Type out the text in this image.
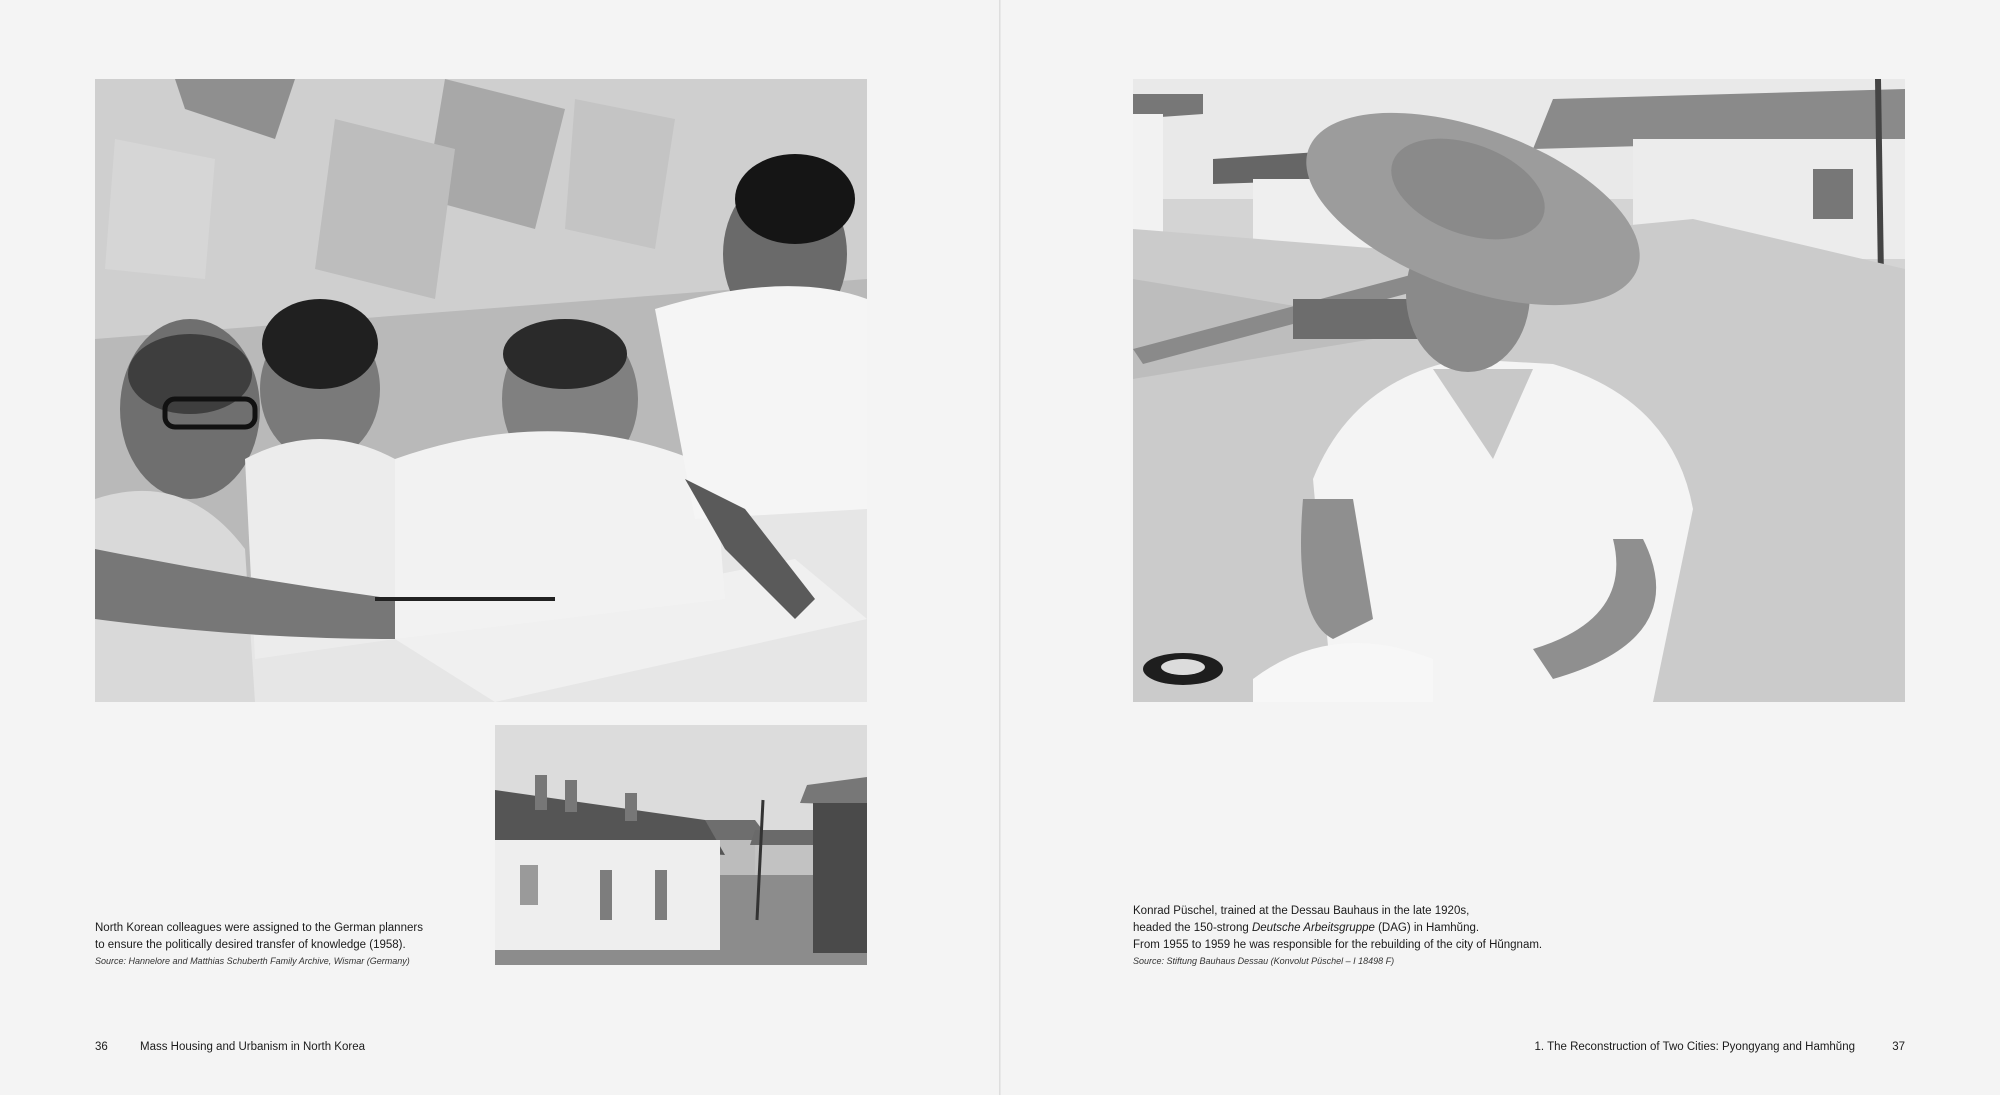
North Korean colleagues were assigned to the German planners
to ensure the politically desired transfer of knowledge (1958).
Source: Hannelore and Matthias Schuberth Family Archive, Wismar (Germany)
36	Mass Housing and Urbanism in North Korea
Konrad Püschel, trained at the Dessau Bauhaus in the late 1920s,
headed the 150-strong Deutsche Arbeitsgruppe (DAG) in Hamhŭng.
From 1955 to 1959 he was responsible for the rebuilding of the city of Hŭngnam.
Source: Stiftung Bauhaus Dessau (Konvolut Püschel – I 18498 F)
1. The Reconstruction of Two Cities: Pyongyang and Hamhŭng	37
